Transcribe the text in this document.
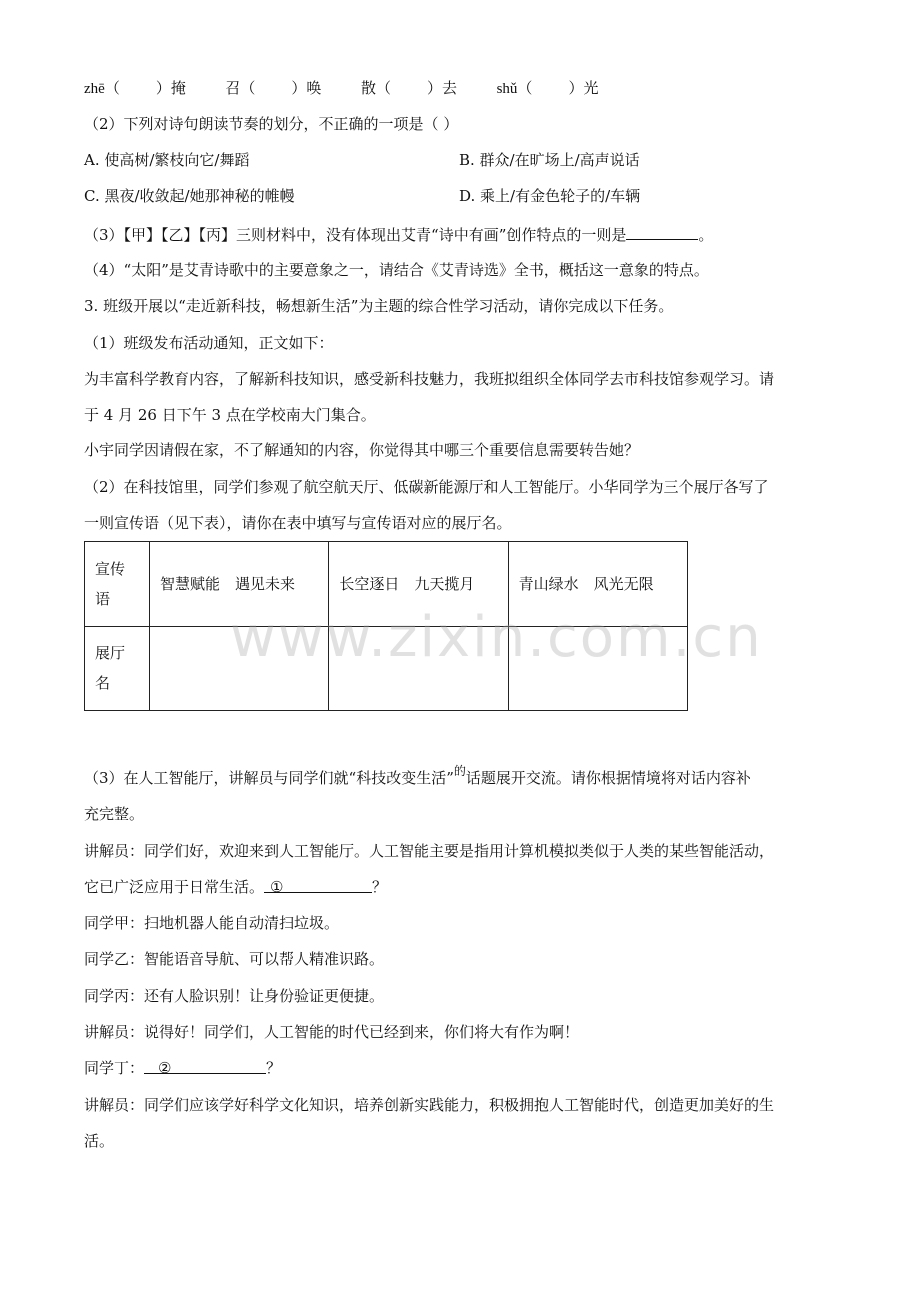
zhē（ ）掩	召（ ）唤	散（ ）去	shǔ（ ）光
（2）下列对诗句朗读节奏的划分，不正确的一项是（ ）
A. 使高树/繁枝向它/舞蹈	B. 群众/在旷场上/高声说话
C. 黑夜/收敛起/她那神秘的帷幔	D. 乘上/有金色轮子的/车辆
（3）【甲】【乙】【丙】三则材料中，没有体现出艾青“诗中有画”创作特点的一则是	。
（4）“太阳”是艾青诗歌中的主要意象之一，请结合《艾青诗选》全书，概括这一意象的特点。
3. 班级开展以“走近新科技，畅想新生活”为主题的综合性学习活动，请你完成以下任务。
（1）班级发布活动通知，正文如下：
为丰富科学教育内容，了解新科技知识，感受新科技魅力，我班拟组织全体同学去市科技馆参观学习。请
于 4 月 26 日下午 3 点在学校南大门集合。
小宇同学因请假在家，不了解通知的内容，你觉得其中哪三个重要信息需要转告她？
（2）在科技馆里，同学们参观了航空航天厅、低碳新能源厅和人工智能厅。小华同学为三个展厅各写了
一则宣传语（见下表），请你在表中填写与宣传语对应的展厅名。
宣传语	智慧赋能　遇见未来	长空逐日　九天揽月	青山绿水　风光无限
展厅名			
www.zixin.com.cn
（3）在人工智能厅，讲解员与同学们就“科技改变生活”$^的$话题展开交流。请你根据情境将对话内容补
充完整。
讲解员：同学们好，欢迎来到人工智能厅。人工智能主要是指用计算机模拟类似于人类的某些智能活动，
它已广泛应用于日常生活。 ①	？
同学甲：扫地机器人能自动清扫垃圾。
同学乙：智能语音导航、可以帮人精准识路。
同学丙：还有人脸识别！让身份验证更便捷。
讲解员：说得好！同学们，人工智能的时代已经到来，你们将大有作为啊！
同学丁： ②	？
讲解员：同学们应该学好科学文化知识，培养创新实践能力，积极拥抱人工智能时代，创造更加美好的生
活。
